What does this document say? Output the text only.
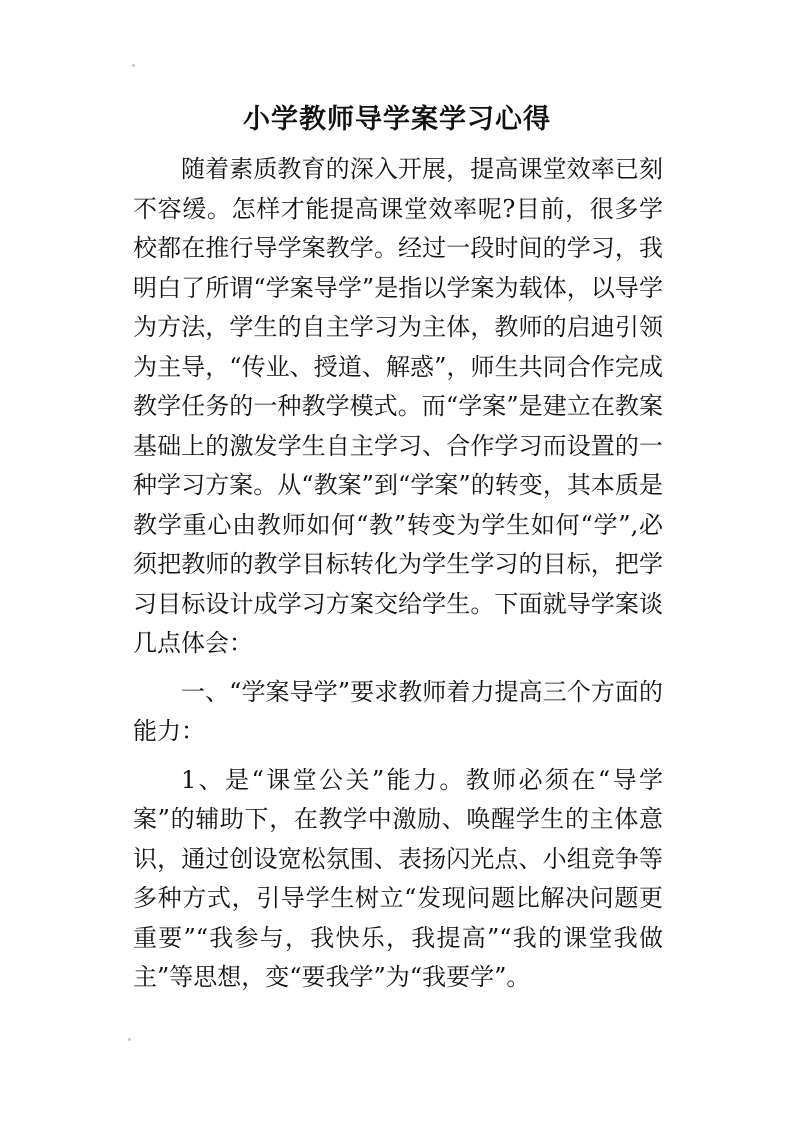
小学教师导学案学习心得

随着素质教育的深入开展，提高课堂效率已刻不容缓。怎样才能提高课堂效率呢?目前，很多学校都在推行导学案教学。经过一段时间的学习，我明白了所谓“学案导学”是指以学案为载体，以导学为方法，学生的自主学习为主体，教师的启迪引领为主导，“传业、授道、解惑”，师生共同合作完成教学任务的一种教学模式。而“学案”是建立在教案基础上的激发学生自主学习、合作学习而设置的一种学习方案。从“教案”到“学案”的转变，其本质是教学重心由教师如何“教”转变为学生如何“学”,必须把教师的教学目标转化为学生学习的目标，把学习目标设计成学习方案交给学生。下面就导学案谈几点体会：

一、“学案导学”要求教师着力提高三个方面的能力：

1、是“课堂公关”能力。教师必须在“导学案”的辅助下，在教学中激励、唤醒学生的主体意识，通过创设宽松氛围、表扬闪光点、小组竞争等多种方式，引导学生树立“发现问题比解决问题更重要”“我参与，我快乐，我提高”“我的课堂我做主”等思想，变“要我学”为“我要学”。
